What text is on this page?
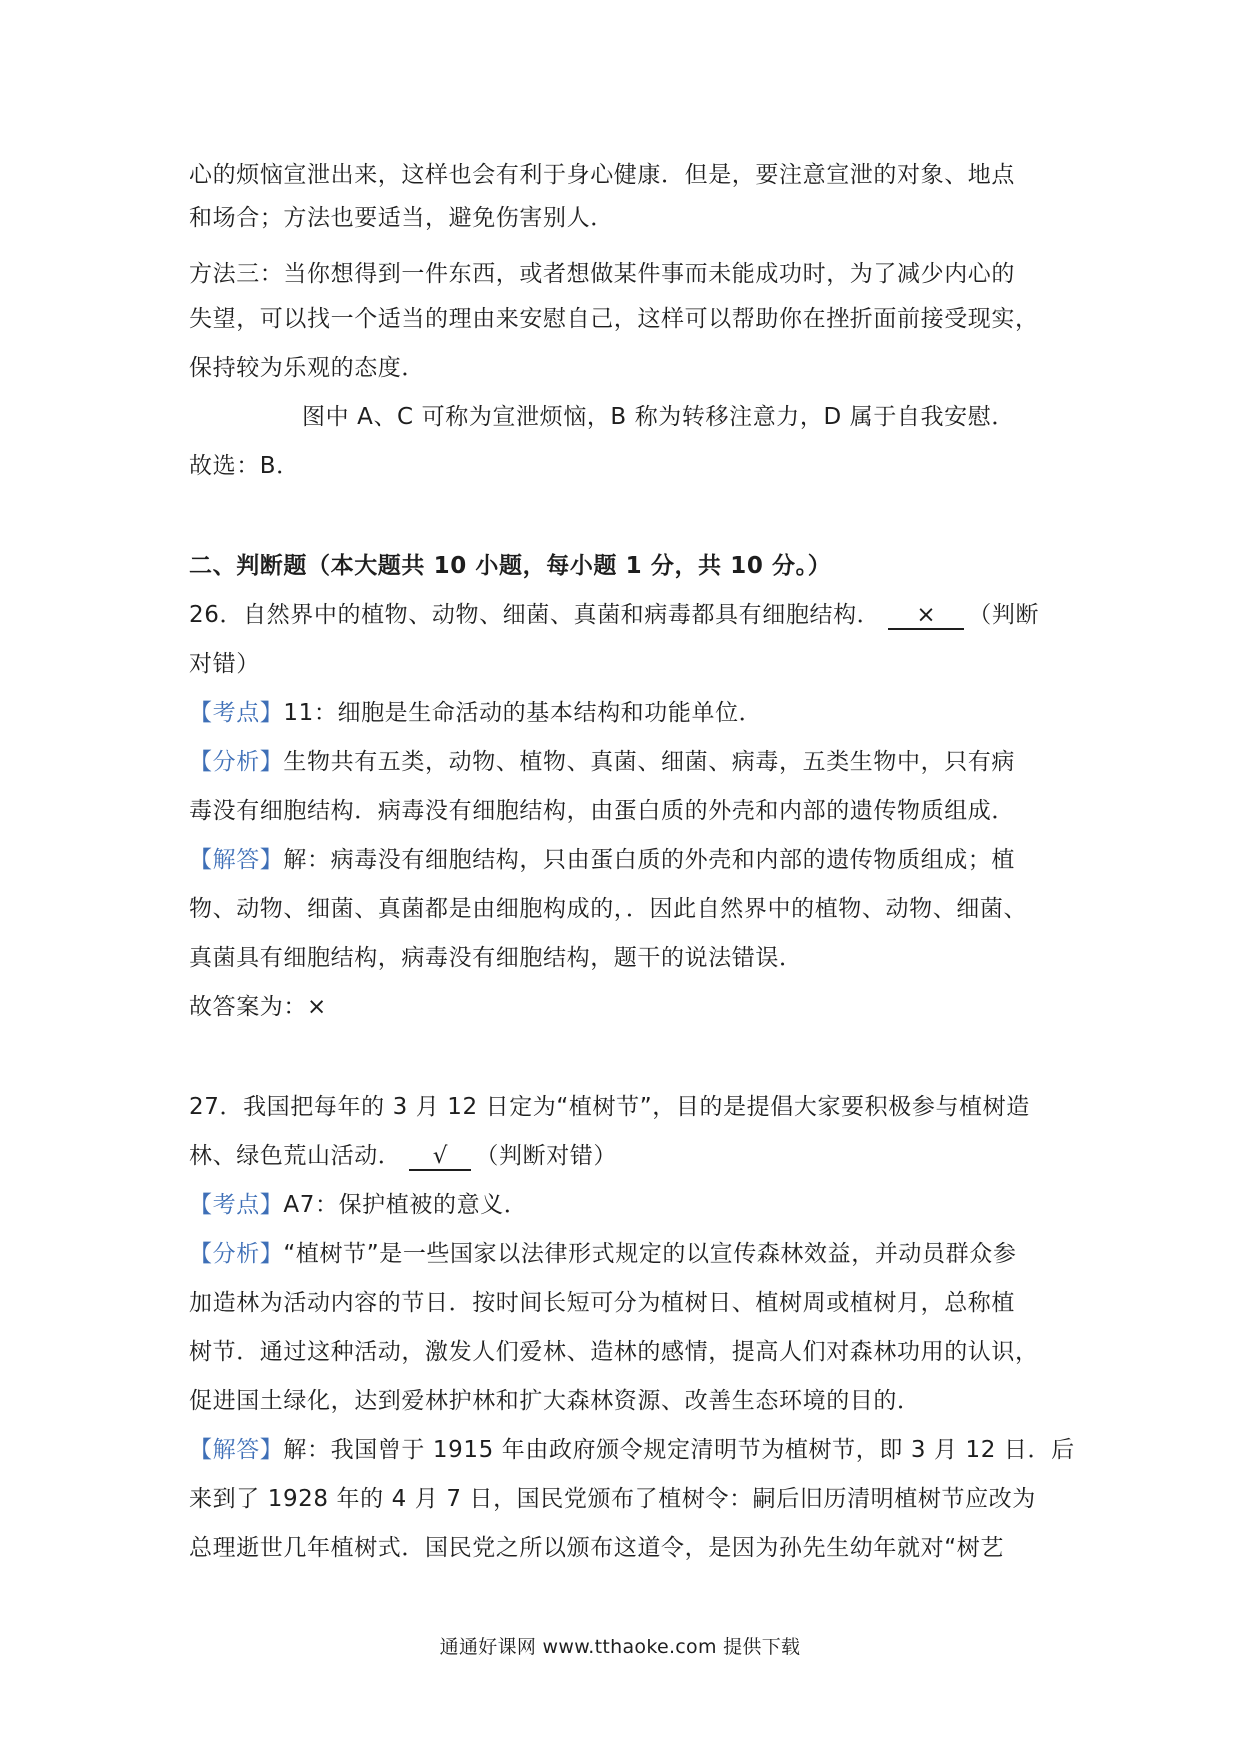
心的烦恼宣泄出来，这样也会有利于身心健康．但是，要注意宣泄的对象、地点
和场合；方法也要适当，避免伤害别人．
方法三：当你想得到一件东西，或者想做某件事而未能成功时，为了减少内心的
失望，可以找一个适当的理由来安慰自己，这样可以帮助你在挫折面前接受现实，
保持较为乐观的态度．
图中 A、C 可称为宣泄烦恼，B 称为转移注意力，D 属于自我安慰．
故选：B．
二、判断题（本大题共 10 小题，每小题 1 分，共 10 分。）
26．自然界中的植物、动物、细菌、真菌和病毒都具有细胞结构． × （判断
对错）
【考点】11：细胞是生命活动的基本结构和功能单位．
【分析】生物共有五类，动物、植物、真菌、细菌、病毒，五类生物中，只有病
毒没有细胞结构．病毒没有细胞结构，由蛋白质的外壳和内部的遗传物质组成．
【解答】解：病毒没有细胞结构，只由蛋白质的外壳和内部的遗传物质组成；植
物、动物、细菌、真菌都是由细胞构成的，．因此自然界中的植物、动物、细菌、
真菌具有细胞结构，病毒没有细胞结构，题干的说法错误．
故答案为：×
27．我国把每年的 3 月 12 日定为“植树节”，目的是提倡大家要积极参与植树造
林、绿色荒山活动． √ （判断对错）
【考点】A7：保护植被的意义．
【分析】“植树节”是一些国家以法律形式规定的以宣传森林效益，并动员群众参
加造林为活动内容的节日．按时间长短可分为植树日、植树周或植树月，总称植
树节．通过这种活动，激发人们爱林、造林的感情，提高人们对森林功用的认识，
促进国土绿化，达到爱林护林和扩大森林资源、改善生态环境的目的．
【解答】解：我国曾于 1915 年由政府颁令规定清明节为植树节，即 3 月 12 日．后
来到了 1928 年的 4 月 7 日，国民党颁布了植树令：嗣后旧历清明植树节应改为
总理逝世几年植树式．国民党之所以颁布这道令，是因为孙先生幼年就对“树艺
通通好课网 www.tthaoke.com 提供下载
